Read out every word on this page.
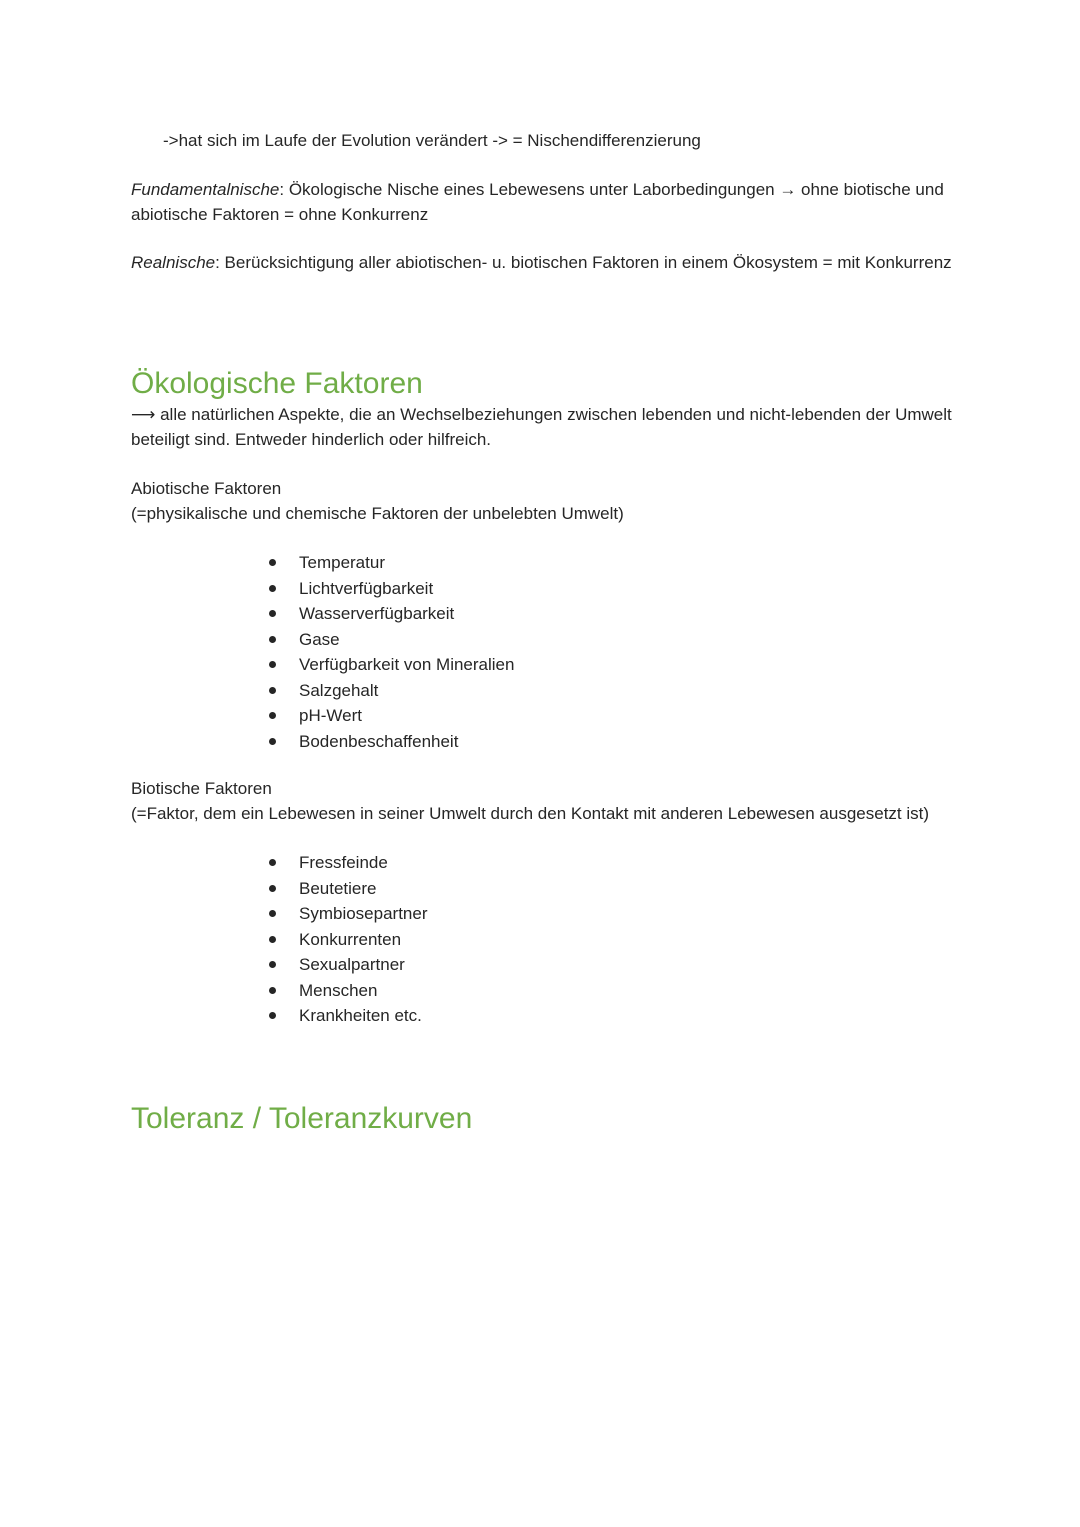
->hat sich im Laufe der Evolution verändert -> = Nischendifferenzierung

Fundamentalnische: Ökologische Nische eines Lebewesens unter Laborbedingungen → ohne biotische und abiotische Faktoren = ohne Konkurrenz

Realnische: Berücksichtigung aller abiotischen- u. biotischen Faktoren in einem Ökosystem = mit Konkurrenz

Ökologische Faktoren

⟶ alle natürlichen Aspekte, die an Wechselbeziehungen zwischen lebenden und nicht-lebenden der Umwelt beteiligt sind. Entweder hinderlich oder hilfreich.

Abiotische Faktoren

(=physikalische und chemische Faktoren der unbelebten Umwelt)

Temperatur
Lichtverfügbarkeit
Wasserverfügbarkeit
Gase
Verfügbarkeit von Mineralien
Salzgehalt
pH-Wert
Bodenbeschaffenheit

Biotische Faktoren

(=Faktor, dem ein Lebewesen in seiner Umwelt durch den Kontakt mit anderen Lebewesen ausgesetzt ist)

Fressfeinde
Beutetiere
Symbiosepartner
Konkurrenten
Sexualpartner
Menschen
Krankheiten etc.
Toleranz / Toleranzkurven
